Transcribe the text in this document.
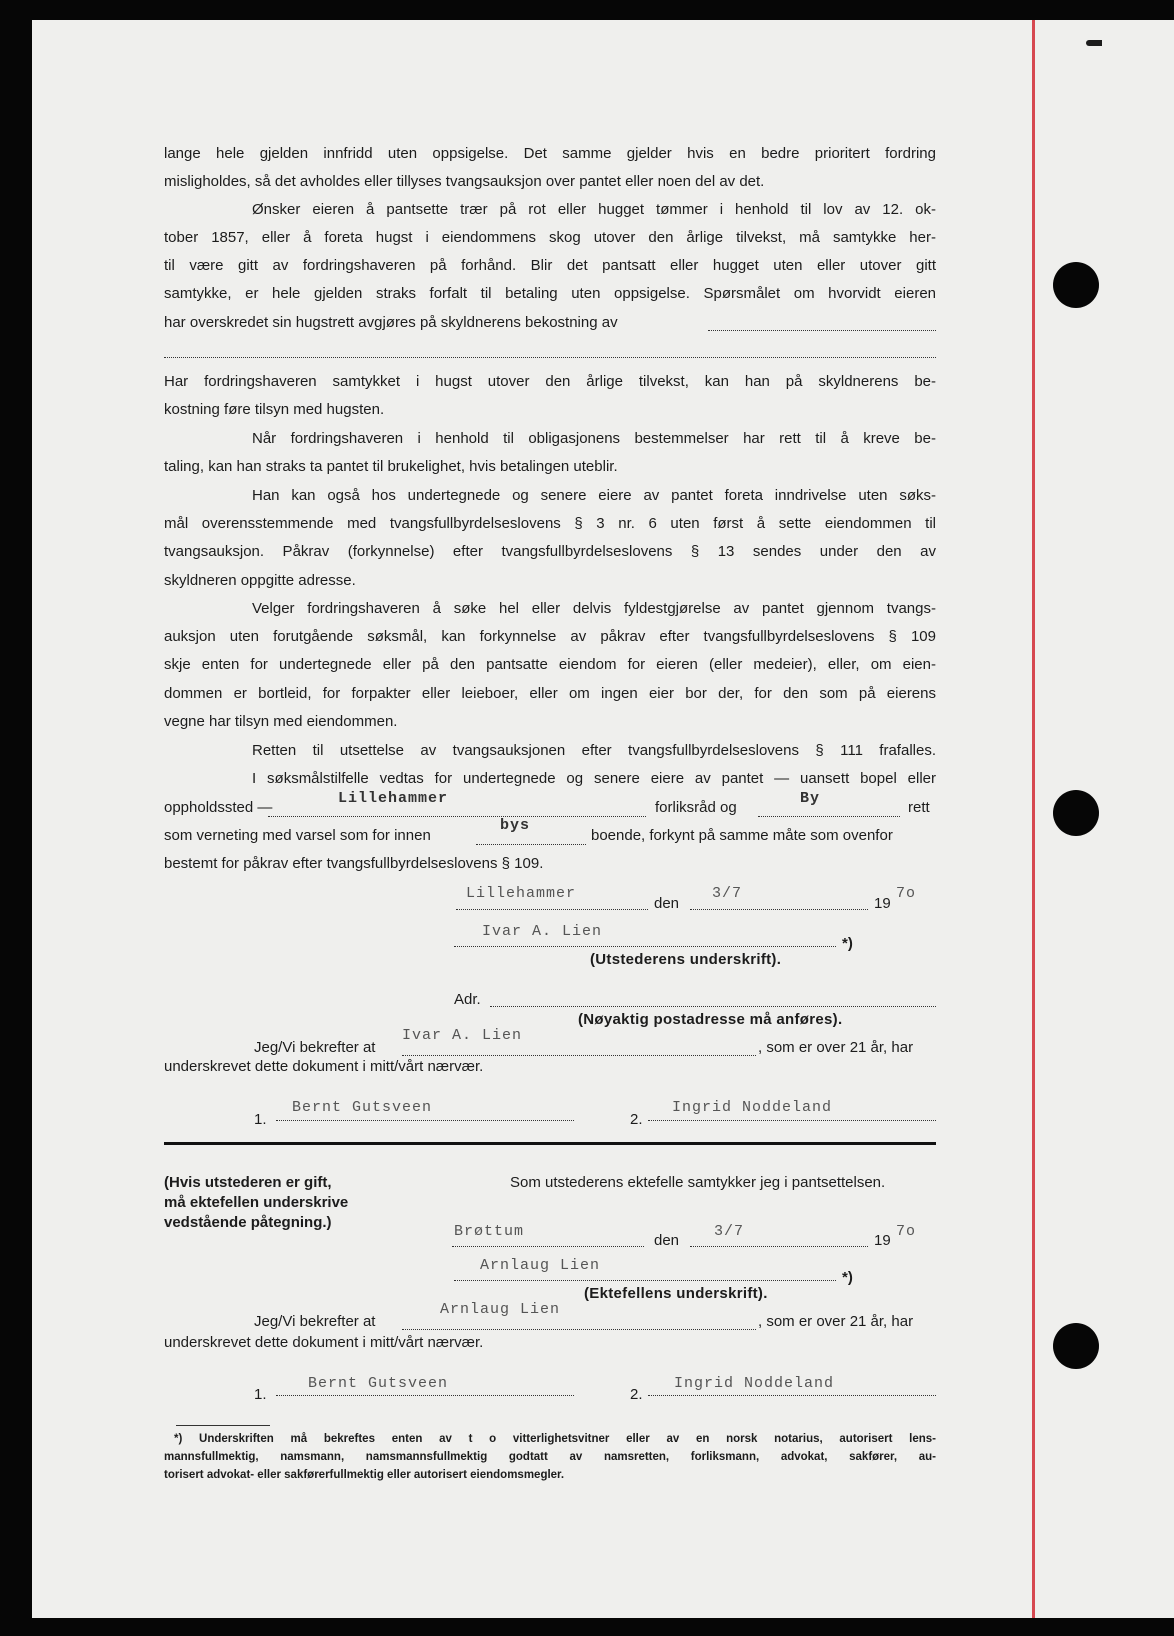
lange hele gjelden innfridd uten oppsigelse. Det samme gjelder hvis en bedre prioritert fordring
misligholdes, så det avholdes eller tillyses tvangsauksjon over pantet eller noen del av det.
Ønsker eieren å pantsette trær på rot eller hugget tømmer i henhold til lov av 12. ok-
tober 1857, eller å foreta hugst i eiendommens skog utover den årlige tilvekst, må samtykke her-
til være gitt av fordringshaveren på forhånd. Blir det pantsatt eller hugget uten eller utover gitt
samtykke, er hele gjelden straks forfalt til betaling uten oppsigelse. Spørsmålet om hvorvidt eieren
har overskredet sin hugstrett avgjøres på skyldnerens bekostning av
Har fordringshaveren samtykket i hugst utover den årlige tilvekst, kan han på skyldnerens be-
kostning føre tilsyn med hugsten.
Når fordringshaveren i henhold til obligasjonens bestemmelser har rett til å kreve be-
taling, kan han straks ta pantet til brukelighet, hvis betalingen uteblir.
Han kan også hos undertegnede og senere eiere av pantet foreta inndrivelse uten søks-
mål overensstemmende med tvangsfullbyrdelseslovens § 3 nr. 6 uten først å sette eiendommen til
tvangsauksjon. Påkrav (forkynnelse) efter tvangsfullbyrdelseslovens § 13 sendes under den av
skyldneren oppgitte adresse.
Velger fordringshaveren å søke hel eller delvis fyldestgjørelse av pantet gjennom tvangs-
auksjon uten forutgående søksmål, kan forkynnelse av påkrav efter tvangsfullbyrdelseslovens § 109
skje enten for undertegnede eller på den pantsatte eiendom for eieren (eller medeier), eller, om eien-
dommen er bortleid, for forpakter eller leieboer, eller om ingen eier bor der, for den som på eierens
vegne har tilsyn med eiendommen.
Retten til utsettelse av tvangsauksjonen efter tvangsfullbyrdelseslovens § 111 frafalles.
I søksmålstilfelle vedtas for undertegnede og senere eiere av pantet — uansett bopel eller
oppholdssted —
Lillehammer
forliksråd og
By
rett
som verneting med varsel som for innen
bys
boende, forkynt på samme måte som ovenfor
bestemt for påkrav efter tvangsfullbyrdelseslovens § 109.
Lillehammer
den
3/7
19
7o
Ivar A. Lien
*)
(Utstederens underskrift).
Adr.
(Nøyaktig postadresse må anføres).
Jeg/Vi bekrefter at
Ivar A. Lien
, som er over 21 år, har
underskrevet dette dokument i mitt/vårt nærvær.
1.
Bernt Gutsveen
2.
Ingrid Noddeland
(Hvis utstederen er gift,
må ektefellen underskrive
vedstående påtegning.)
Som utstederens ektefelle samtykker jeg i pantsettelsen.
Brøttum
den
3/7
19
7o
Arnlaug Lien
*)
(Ektefellens underskrift).
Jeg/Vi bekrefter at
Arnlaug Lien
, som er over 21 år, har
underskrevet dette dokument i mitt/vårt nærvær.
1.
Bernt Gutsveen
2.
Ingrid Noddeland
*) Underskriften må bekreftes enten av t o vitterlighetsvitner eller av en norsk notarius, autorisert lens-
mannsfullmektig, namsmann, namsmannsfullmektig godtatt av namsretten, forliksmann, advokat, sakfører, au-
torisert advokat- eller sakførerfullmektig eller autorisert eiendomsmegler.
